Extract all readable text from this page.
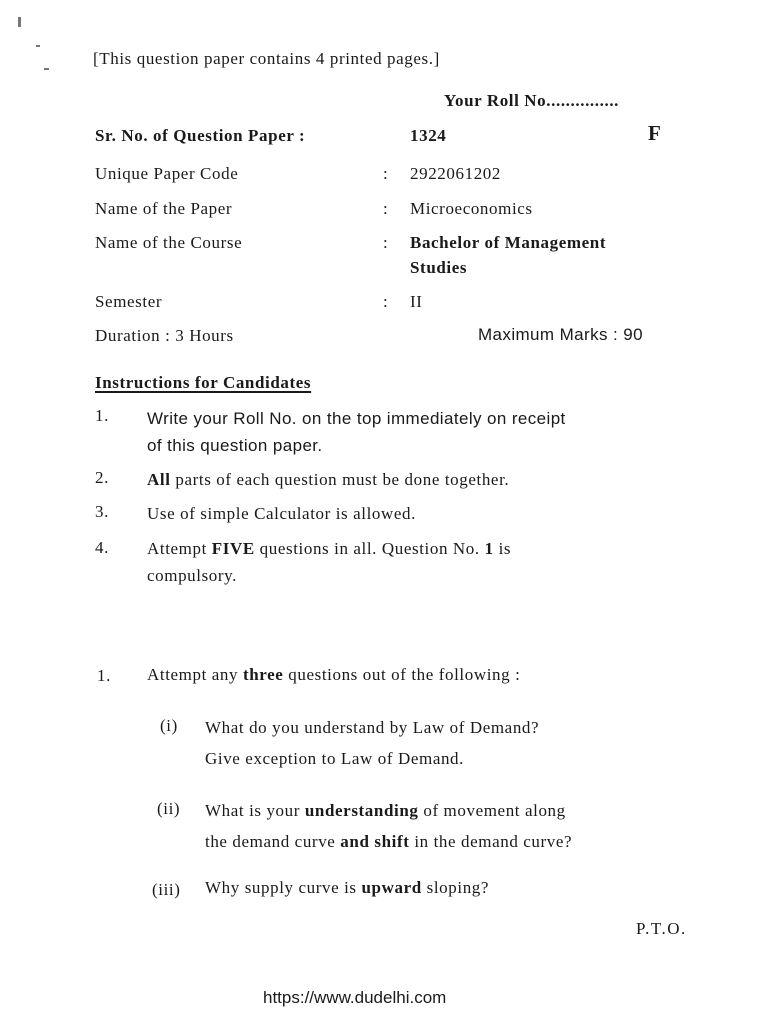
[This question paper contains 4 printed pages.]
Your Roll No...............
Sr. No. of Question Paper :	1324	F
Unique Paper Code	: 2922061202
Name of the Paper	: Microeconomics
Name of the Course	: Bachelor of Management
Studies
Semester	: II
Duration : 3 Hours	Maximum Marks : 90
Instructions for Candidates
1. Write your Roll No. on the top immediately on receipt
of this question paper.
2. All parts of each question must be done together.
3. Use of simple Calculator is allowed.
4. Attempt FIVE questions in all. Question No. 1 is
compulsory.
1. Attempt any three questions out of the following :
(i) What do you understand by Law of Demand?
Give exception to Law of Demand.
(ii) What is your understanding of movement along
the demand curve and shift in the demand curve?
(iii) Why supply curve is upward sloping?
P.T.O.
https://www.dudelhi.com
